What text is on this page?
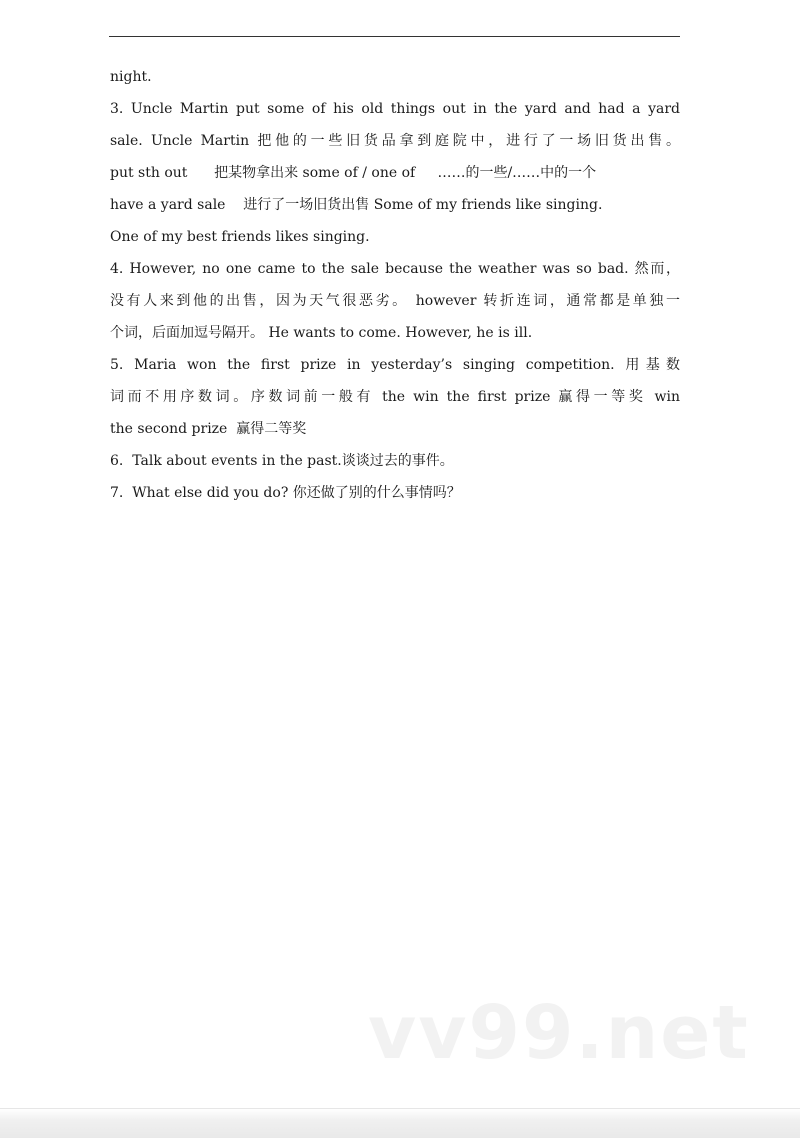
night.
3. Uncle Martin put some of his old things out in the yard and had a yard
sale. Uncle Martin 把他的一些旧货品拿到庭院中，进行了一场旧货出售。
put sth out      把某物拿出来 some of / one of     ……的一些/……中的一个
have a yard sale    进行了一场旧货出售 Some of my friends like singing.
One of my best friends likes singing.
4. However, no one came to the sale because the weather was so bad. 然而，
没有人来到他的出售，因为天气很恶劣。 however 转折连词，通常都是单独一
个词，后面加逗号隔开。 He wants to come. However, he is ill.
5. Maria won the first prize in yesterday’s singing competition. 用基数
词而不用序数词。序数词前一般有 the win the first prize 赢得一等奖 win
the second prize  赢得二等奖
6.  Talk about events in the past.谈谈过去的事件。
7.  What else did you do? 你还做了别的什么事情吗？
vv99.net
